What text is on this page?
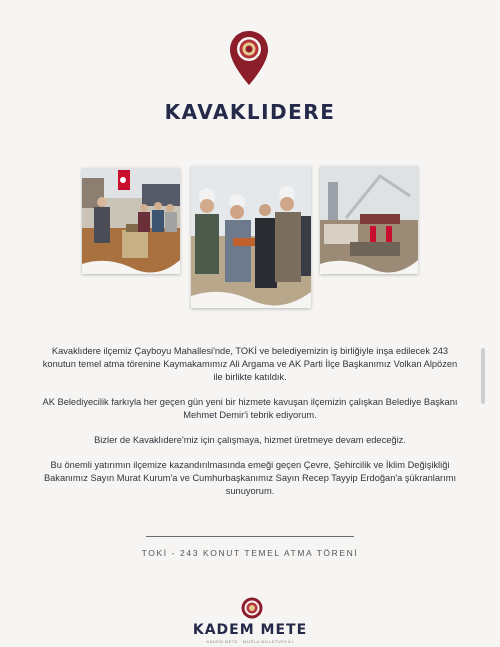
KAVAKLIDERE

Kavaklıdere ilçemiz Çayboyu Mahallesi'nde, TOKİ ve belediyemizin iş birliğiyle inşa edilecek 243 konutun temel atma törenine Kaymakamımız Ali Argama ve AK Parti İlçe Başkanımız Volkan Alpözen ile birlikte katıldık.

AK Belediyecilik farkıyla her geçen gün yeni bir hizmete kavuşan ilçemizin çalışkan Belediye Başkanı Mehmet Demir'i tebrik ediyorum.

Bizler de Kavaklıdere'miz için çalışmaya, hizmet üretmeye devam edeceğiz.

Bu önemli yatırımın ilçemize kazandırılmasında emeği geçen Çevre, Şehircilik ve İklim Değişikliği Bakanımız Sayın Murat Kurum'a ve Cumhurbaşkanımız Sayın Recep Tayyip Erdoğan'a şükranlarımı sunuyorum.

TOKİ - 243 KONUT TEMEL ATMA TÖRENİ
KADEM METE
KADEM METE · MUĞLA MİLLETVEKİLİ
